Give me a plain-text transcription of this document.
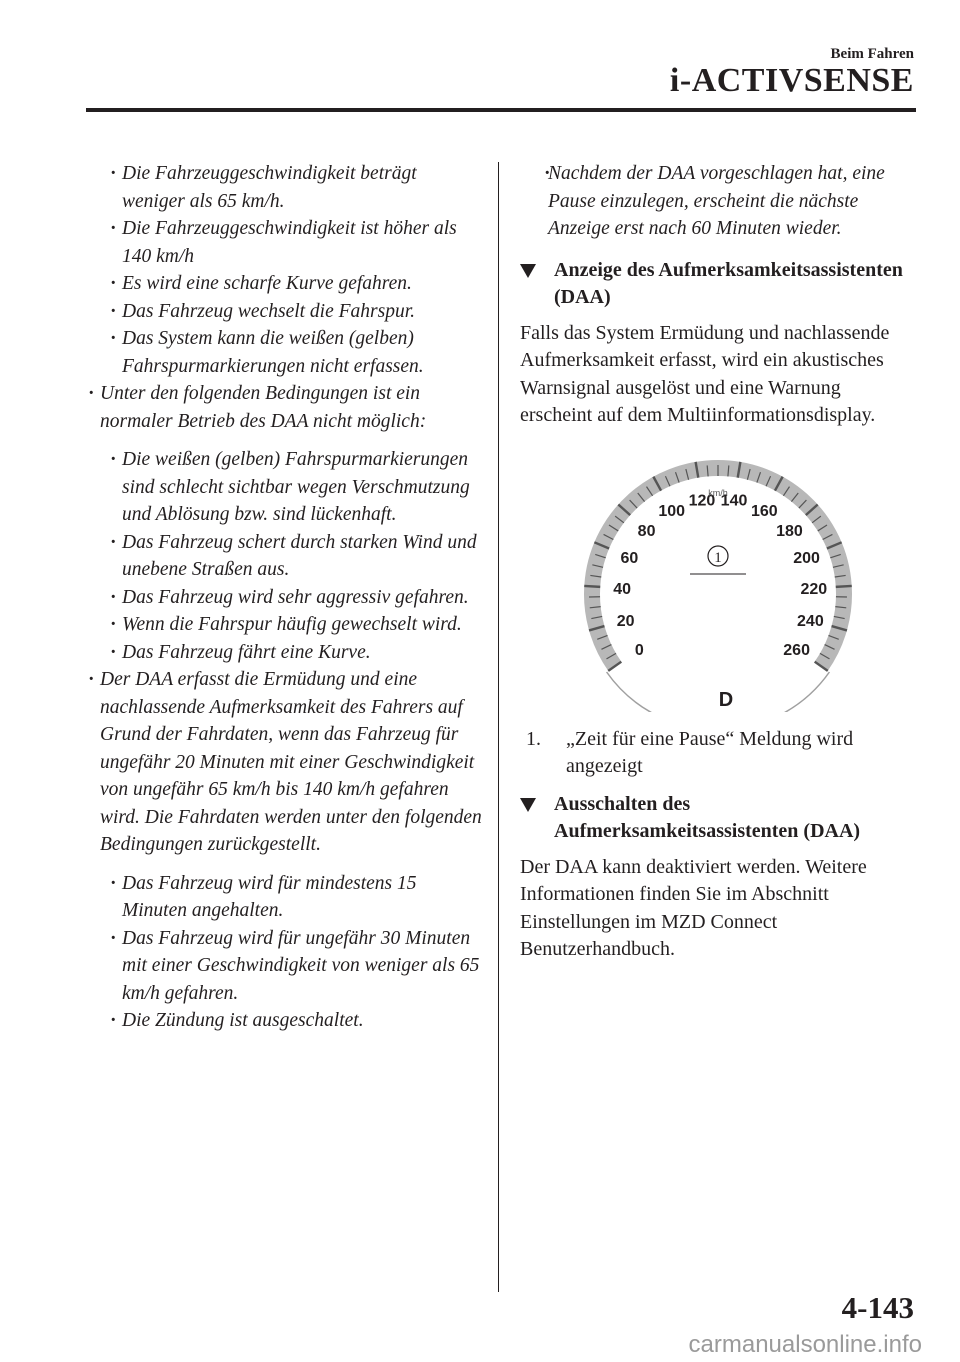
Beim Fahren
i-ACTIVSENSE
· Die Fahrzeuggeschwindigkeit beträgt weniger als 65 km/h.
· Die Fahrzeuggeschwindigkeit ist höher als 140 km/h
· Es wird eine scharfe Kurve gefahren.
· Das Fahrzeug wechselt die Fahrspur.
· Das System kann die weißen (gelben) Fahrspurmarkierungen nicht erfassen.
· Unter den folgenden Bedingungen ist ein normaler Betrieb des DAA nicht möglich:
· Die weißen (gelben) Fahrspurmarkierungen sind schlecht sichtbar wegen Verschmutzung und Ablösung bzw. sind lückenhaft.
· Das Fahrzeug schert durch starken Wind und unebene Straßen aus.
· Das Fahrzeug wird sehr aggressiv gefahren.
· Wenn die Fahrspur häufig gewechselt wird.
· Das Fahrzeug fährt eine Kurve.
· Der DAA erfasst die Ermüdung und eine nachlassende Aufmerksamkeit des Fahrers auf Grund der Fahrdaten, wenn das Fahrzeug für ungefähr 20 Minuten mit einer Geschwindigkeit von ungefähr 65 km/h bis 140 km/h gefahren wird. Die Fahrdaten werden unter den folgenden Bedingungen zurückgestellt.
· Das Fahrzeug wird für mindestens 15 Minuten angehalten.
· Das Fahrzeug wird für ungefähr 30 Minuten mit einer Geschwindigkeit von weniger als 65 km/h gefahren.
· Die Zündung ist ausgeschaltet.
· Nachdem der DAA vorgeschlagen hat, eine Pause einzulegen, erscheint die nächste Anzeige erst nach 60 Minuten wieder.
Anzeige des Aufmerksamkeitsassistenten (DAA)
Falls das System Ermüdung und nachlassende Aufmerksamkeit erfasst, wird ein akustisches Warnsignal ausgelöst und eine Warnung erscheint auf dem Multiinformationsdisplay.
0
20
40
60
80
100
120 140
160
180
200
220
240
260
km/h
D
1
1. „Zeit für eine Pause“ Meldung wird angezeigt
Ausschalten des Aufmerksamkeitsassistenten (DAA)
Der DAA kann deaktiviert werden. Weitere Informationen finden Sie im Abschnitt Einstellungen im MZD Connect Benutzerhandbuch.
4-143
carmanualsonline.info
